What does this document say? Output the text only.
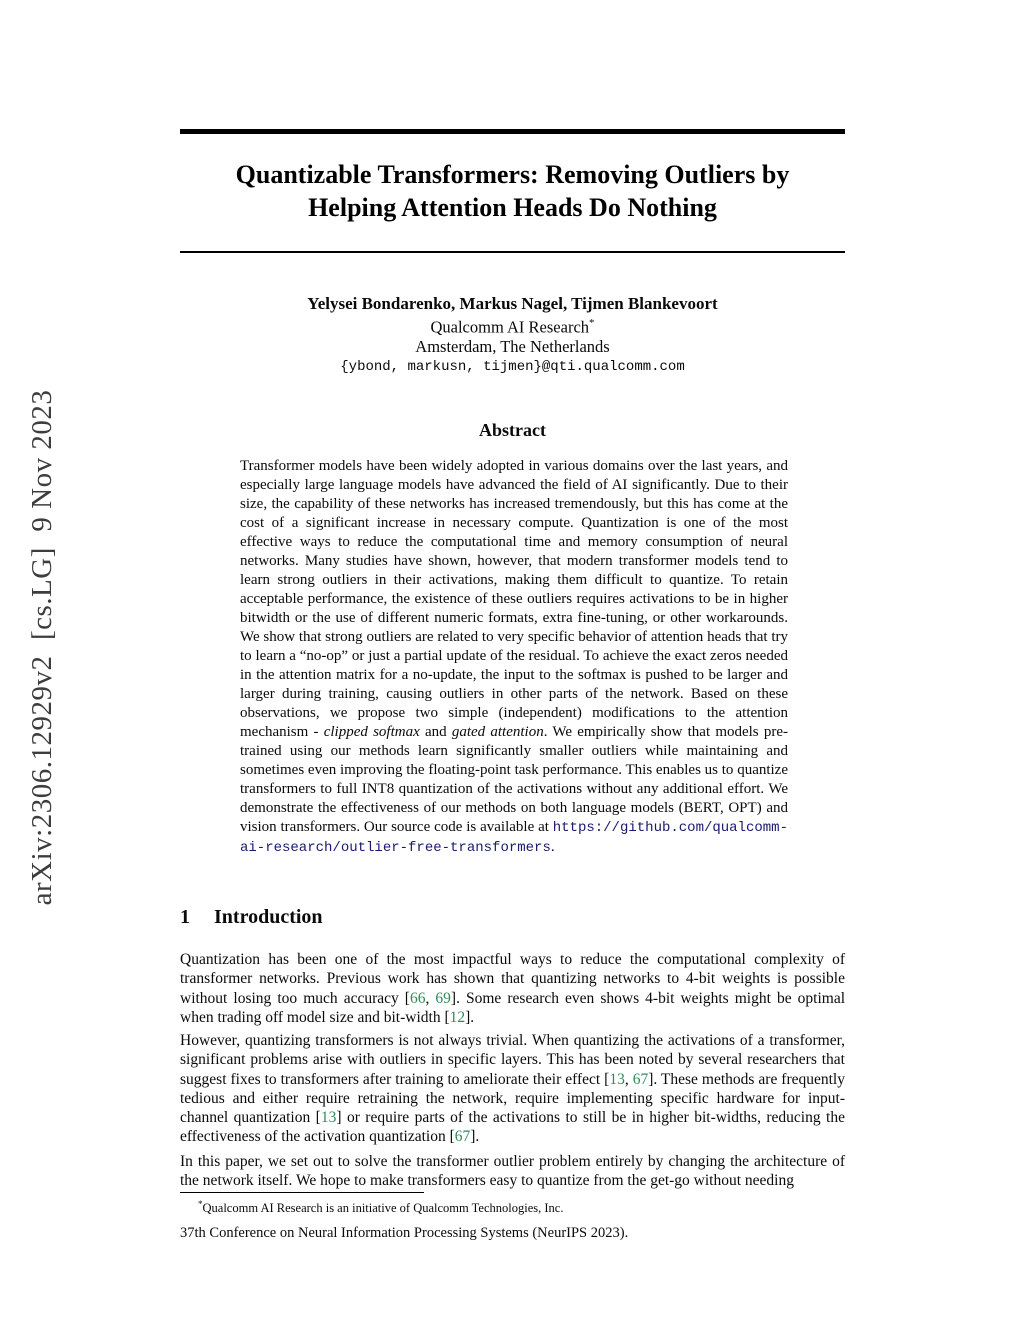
arXiv:2306.12929v2  [cs.LG]  9 Nov 2023
Quantizable Transformers: Removing Outliers by
Helping Attention Heads Do Nothing
Yelysei Bondarenko, Markus Nagel, Tijmen Blankevoort
Qualcomm AI Research*
Amsterdam, The Netherlands
{ybond, markusn, tijmen}@qti.qualcomm.com
Abstract

Transformer models have been widely adopted in various domains over the last years, and especially large language models have advanced the field of AI significantly. Due to their size, the capability of these networks has increased tremendously, but this has come at the cost of a significant increase in necessary compute. Quantization is one of the most effective ways to reduce the computational time and memory consumption of neural networks. Many studies have shown, however, that modern transformer models tend to learn strong outliers in their activations, making them difficult to quantize. To retain acceptable performance, the existence of these outliers requires activations to be in higher bitwidth or the use of different numeric formats, extra fine-tuning, or other workarounds. We show that strong outliers are related to very specific behavior of attention heads that try to learn a “no-op” or just a partial update of the residual. To achieve the exact zeros needed in the attention matrix for a no-update, the input to the softmax is pushed to be larger and larger during training, causing outliers in other parts of the network. Based on these observations, we propose two simple (independent) modifications to the attention mechanism - clipped softmax and gated attention. We empirically show that models pre-trained using our methods learn significantly smaller outliers while maintaining and sometimes even improving the floating-point task performance. This enables us to quantize transformers to full INT8 quantization of the activations without any additional effort. We demonstrate the effectiveness of our methods on both language models (BERT, OPT) and vision transformers. Our source code is available at https://github.com/qualcomm-ai-research/outlier-free-transformers.

1 Introduction

Quantization has been one of the most impactful ways to reduce the computational complexity of transformer networks. Previous work has shown that quantizing networks to 4-bit weights is possible without losing too much accuracy [66, 69]. Some research even shows 4-bit weights might be optimal when trading off model size and bit-width [12].

However, quantizing transformers is not always trivial. When quantizing the activations of a transformer, significant problems arise with outliers in specific layers. This has been noted by several researchers that suggest fixes to transformers after training to ameliorate their effect [13, 67]. These methods are frequently tedious and either require retraining the network, require implementing specific hardware for input-channel quantization [13] or require parts of the activations to still be in higher bit-widths, reducing the effectiveness of the activation quantization [67].

In this paper, we set out to solve the transformer outlier problem entirely by changing the architecture of the network itself. We hope to make transformers easy to quantize from the get-go without needing

*Qualcomm AI Research is an initiative of Qualcomm Technologies, Inc.

37th Conference on Neural Information Processing Systems (NeurIPS 2023).
